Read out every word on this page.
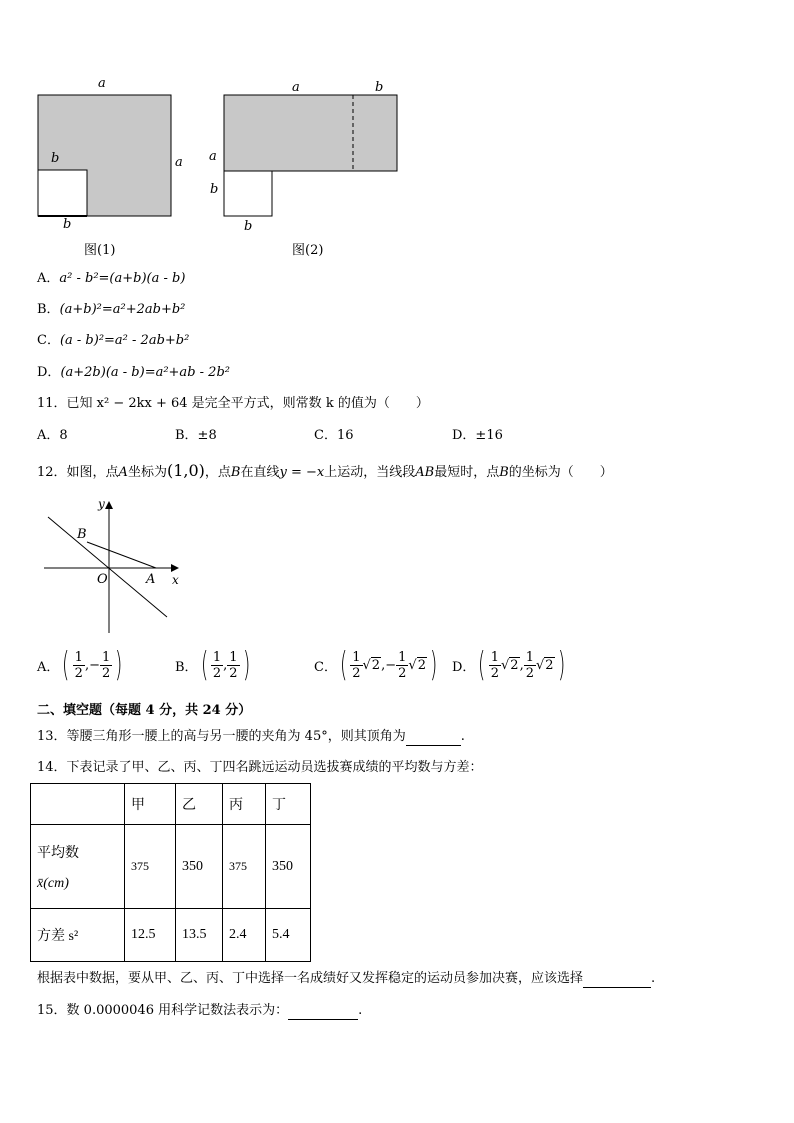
a
a
b
b
图(1)
a	b
a
b
b
图(2)
A．a² - b²=(a+b)(a - b)
B．(a+b)²=a²+2ab+b²
C．(a - b)²=a² - 2ab+b²
D．(a+2b)(a - b)=a²+ab - 2b²
11．已知 x² − 2kx + 64 是完全平方式，则常数 k 的值为（　　）
A．8	B．±8	C．16	D．±16
12．如图，点A坐标为(1,0)，点B在直线y = −x上运动，当线段AB最短时，点B的坐标为（　　）
y
x
B
O	A
A． ( $\frac{1}{2}$ , − $\frac{1}{2}$ )	B． ( $\frac{1}{2}$ , $\frac{1}{2}$ )	C． ( $\frac{1}{2} √2$ , − $\frac{1}{2} √2$ ) D． ( $\frac{1}{2} √2$ , $\frac{1}{2} √2$ )
二、填空题（每题 4 分，共 24 分）
13．等腰三角形一腰上的高与另一腰的夹角为 45°，则其顶角为	.
14．下表记录了甲、乙、丙、丁四名跳远运动员选拔赛成绩的平均数与方差：
	甲	乙	丙	丁

平均数
x̄(cm)	375	350	375	350
方差 s²	12.5	13.5	2.4	5.4
根据表中数据，要从甲、乙、丙、丁中选择一名成绩好又发挥稳定的运动员参加决赛，应该选择	.
15．数 0.0000046 用科学记数法表示为：	.
